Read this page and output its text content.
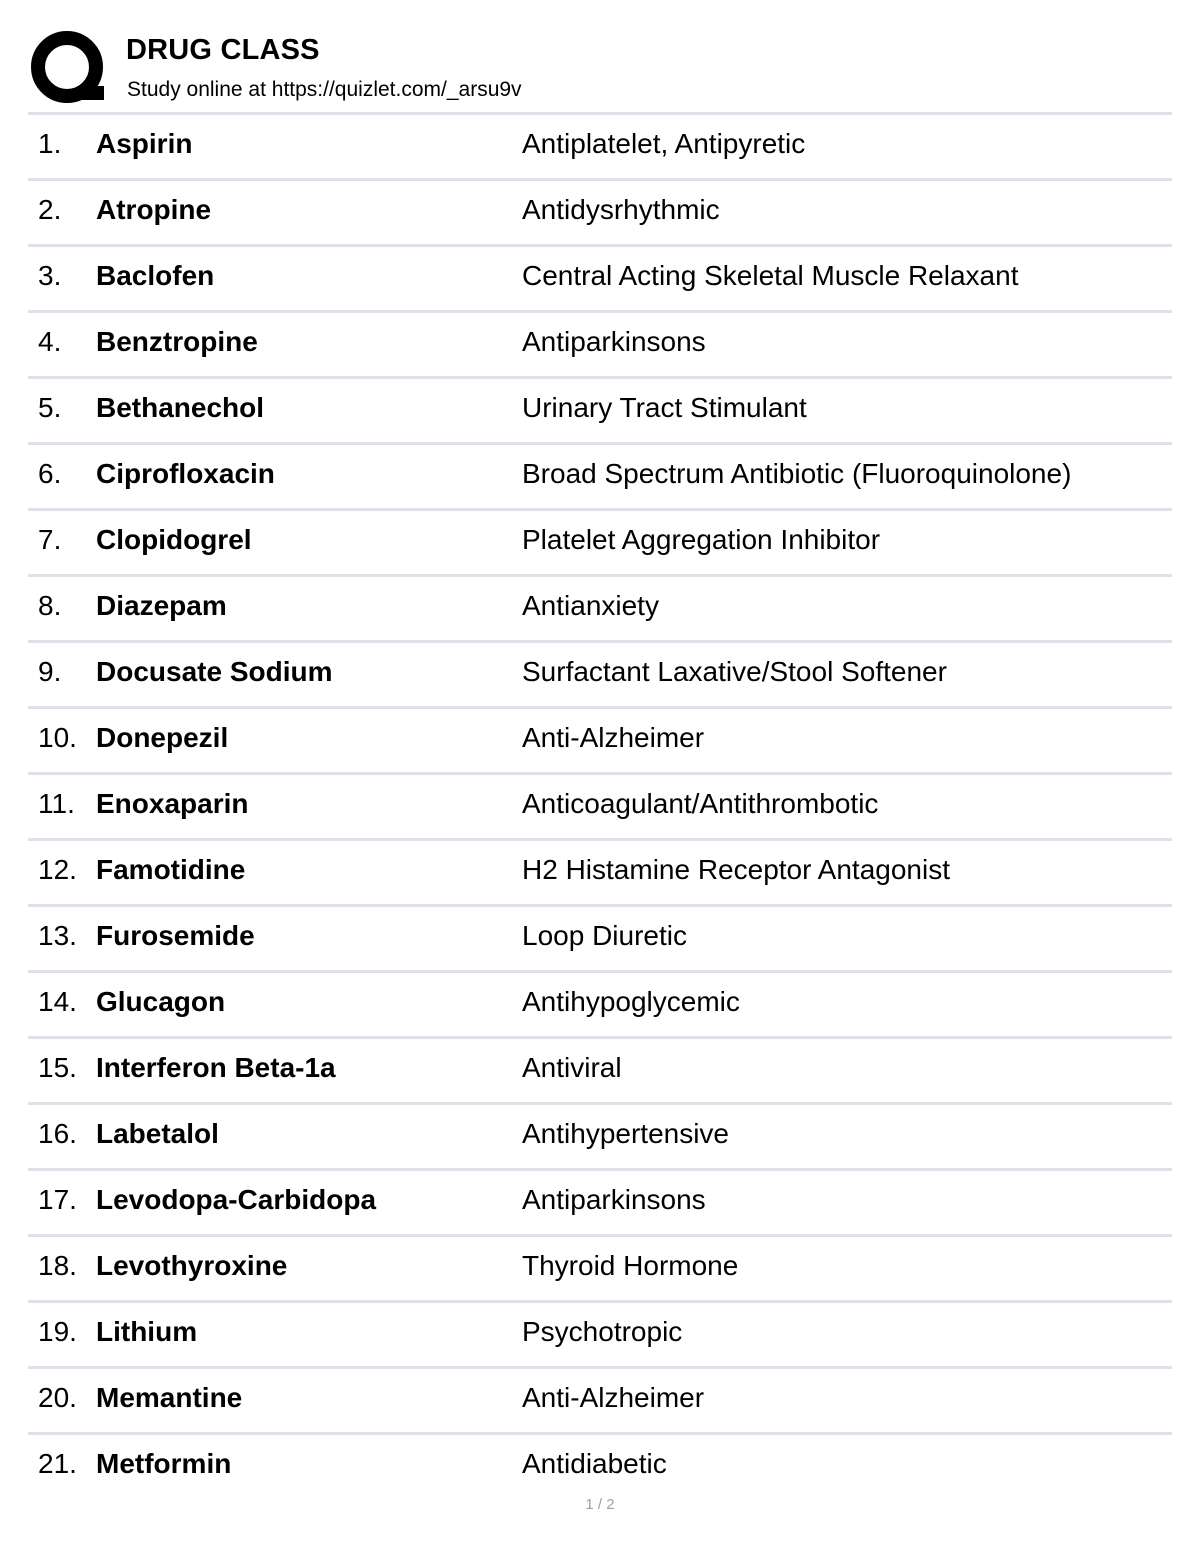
DRUG CLASS
Study online at https://quizlet.com/_arsu9v
1. Aspirin	Antiplatelet, Antipyretic
2. Atropine	Antidysrhythmic
3. Baclofen	Central Acting Skeletal Muscle Relaxant
4. Benztropine	Antiparkinsons
5. Bethanechol	Urinary Tract Stimulant
6. Ciprofloxacin	Broad Spectrum Antibiotic (Fluoroquinolone)
7. Clopidogrel	Platelet Aggregation Inhibitor
8. Diazepam	Antianxiety
9. Docusate Sodium	Surfactant Laxative/Stool Softener
10. Donepezil	Anti-Alzheimer
11. Enoxaparin	Anticoagulant/Antithrombotic
12. Famotidine	H2 Histamine Receptor Antagonist
13. Furosemide	Loop Diuretic
14. Glucagon	Antihypoglycemic
15. Interferon Beta-1a	Antiviral
16. Labetalol	Antihypertensive
17. Levodopa-Carbidopa	Antiparkinsons
18. Levothyroxine	Thyroid Hormone
19. Lithium	Psychotropic
20. Memantine	Anti-Alzheimer
21. Metformin	Antidiabetic
1 / 2
